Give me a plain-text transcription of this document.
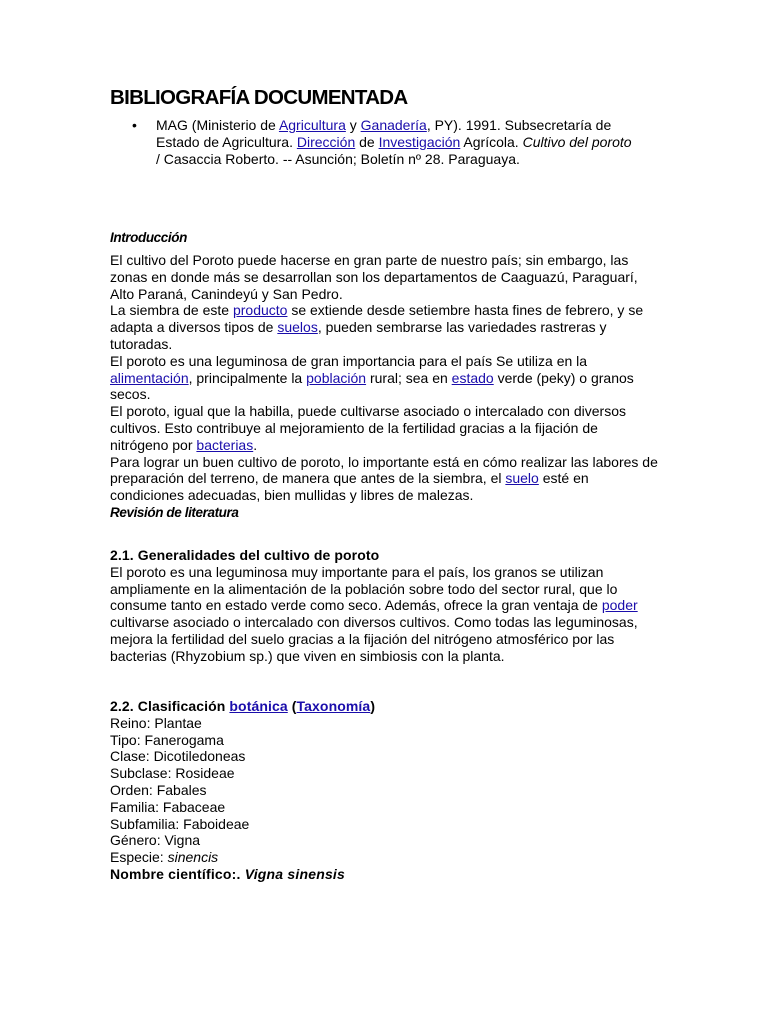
BIBLIOGRAFÍA DOCUMENTADA
• MAG (Ministerio de Agricultura y Ganadería, PY). 1991. Subsecretaría de Estado de Agricultura. Dirección de Investigación Agrícola. Cultivo del poroto / Casaccia Roberto. -- Asunción; Boletín nº 28. Paraguaya.
Introducción

El cultivo del Poroto puede hacerse en gran parte de nuestro país; sin embargo, las zonas en donde más se desarrollan son los departamentos de Caaguazú, Paraguarí, Alto Paraná, Canindeyú y San Pedro.

La siembra de este producto se extiende desde setiembre hasta fines de febrero, y se adapta a diversos tipos de suelos, pueden sembrarse las variedades rastreras y tutoradas.

El poroto es una leguminosa de gran importancia para el país Se utiliza en la alimentación, principalmente la población rural; sea en estado verde (peky) o granos secos.

El poroto, igual que la habilla, puede cultivarse asociado o intercalado con diversos cultivos. Esto contribuye al mejoramiento de la fertilidad gracias a la fijación de nitrógeno por bacterias.

Para lograr un buen cultivo de poroto, lo importante está en cómo realizar las labores de preparación del terreno, de manera que antes de la siembra, el suelo esté en condiciones adecuadas, bien mullidas y libres de malezas.

Revisión de literatura
2.1. Generalidades del cultivo de poroto

El poroto es una leguminosa muy importante para el país, los granos se utilizan ampliamente en la alimentación de la población sobre todo del sector rural, que lo consume tanto en estado verde como seco. Además, ofrece la gran ventaja de poder cultivarse asociado o intercalado con diversos cultivos. Como todas las leguminosas, mejora la fertilidad del suelo gracias a la fijación del nitrógeno atmosférico por las bacterias (Rhyzobium sp.) que viven en simbiosis con la planta.

2.2. Clasificación botánica (Taxonomía)
Reino: Plantae
Tipo: Fanerogama
Clase: Dicotiledoneas
Subclase: Rosideae
Orden: Fabales
Familia: Fabaceae
Subfamilia: Faboideae
Género: Vigna
Especie: sinencis
Nombre científico:. Vigna sinensis
